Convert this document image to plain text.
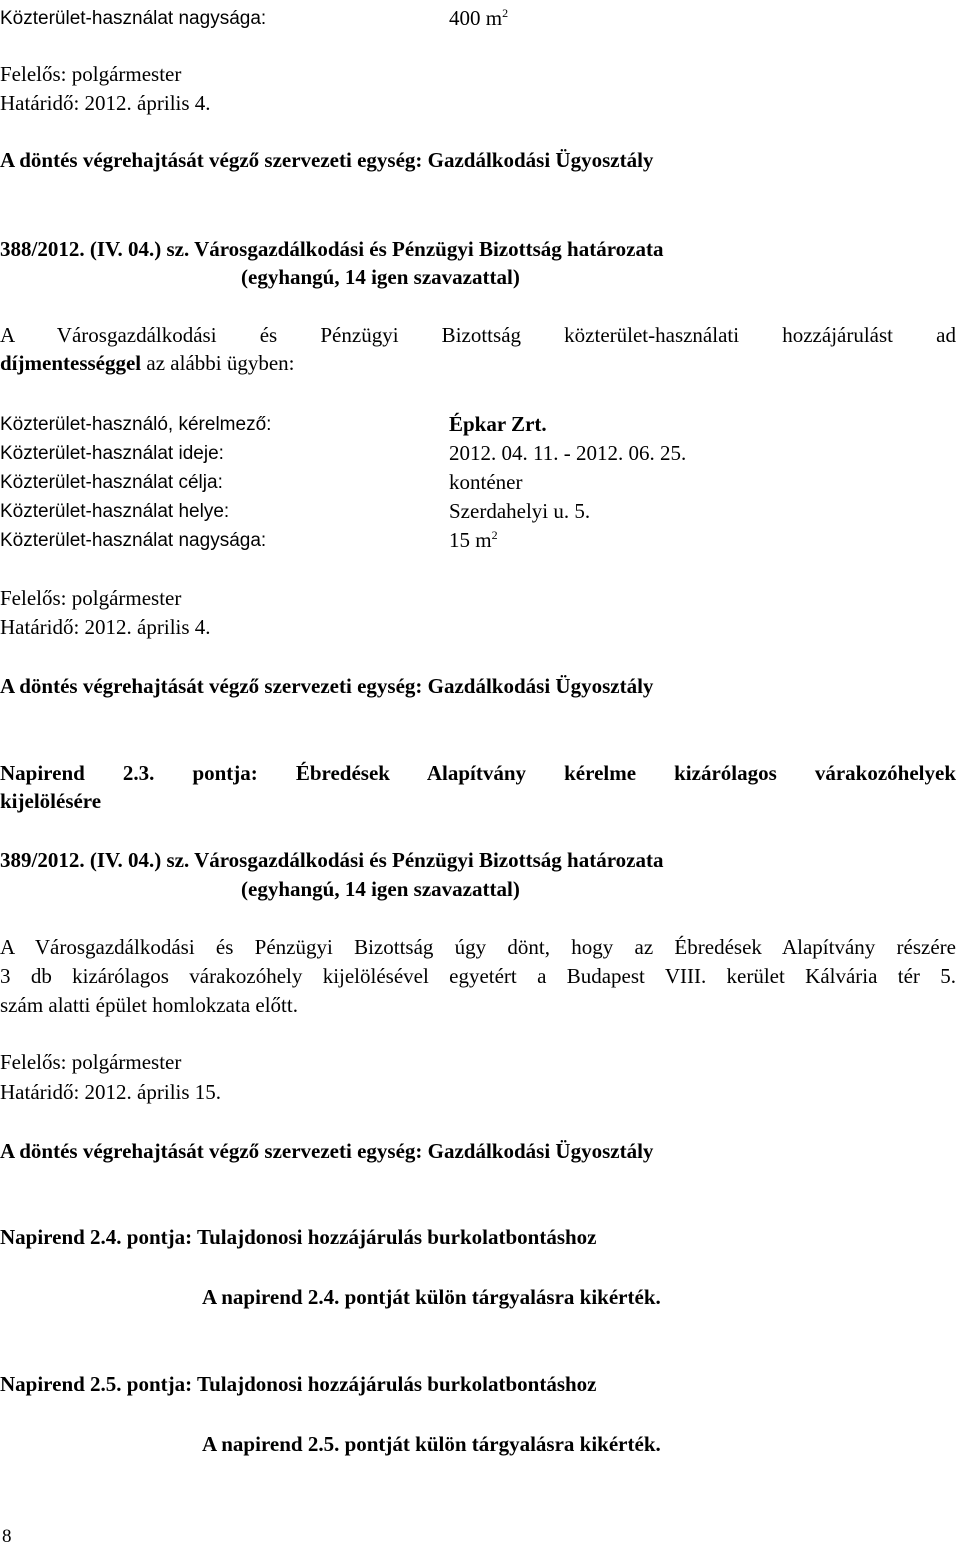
Közterület-használat nagysága:	400 $m^2$
Felelős: polgármester
Határidő: 2012. április 4.
A döntés végrehajtását végző szervezeti egység: Gazdálkodási Ügyosztály
388/2012. (IV. 04.) sz. Városgazdálkodási és Pénzügyi Bizottság határozata
(egyhangú, 14 igen szavazattal)
A Városgazdálkodási és Pénzügyi Bizottság közterület-használati hozzájárulást ad
díjmentességgel az alábbi ügyben:
Közterület-használó, kérelmező:	Épkar Zrt.
Közterület-használat ideje:	2012. 04. 11. - 2012. 06. 25.
Közterület-használat célja:	konténer
Közterület-használat helye:	Szerdahelyi u. 5.
Közterület-használat nagysága:	15 $m^2$
Felelős: polgármester
Határidő: 2012. április 4.
A döntés végrehajtását végző szervezeti egység: Gazdálkodási Ügyosztály
Napirend 2.3. pontja: Ébredések Alapítvány kérelme kizárólagos várakozóhelyek
kijelölésére
389/2012. (IV. 04.) sz. Városgazdálkodási és Pénzügyi Bizottság határozata
(egyhangú, 14 igen szavazattal)
A Városgazdálkodási és Pénzügyi Bizottság úgy dönt, hogy az Ébredések Alapítvány részére
3 db kizárólagos várakozóhely kijelölésével egyetért a Budapest VIII. kerület Kálvária tér 5.
szám alatti épület homlokzata előtt.
Felelős: polgármester
Határidő: 2012. április 15.
A döntés végrehajtását végző szervezeti egység: Gazdálkodási Ügyosztály
Napirend 2.4. pontja: Tulajdonosi hozzájárulás burkolatbontáshoz
A napirend 2.4. pontját külön tárgyalásra kikérték.
Napirend 2.5. pontja: Tulajdonosi hozzájárulás burkolatbontáshoz
A napirend 2.5. pontját külön tárgyalásra kikérték.
8
